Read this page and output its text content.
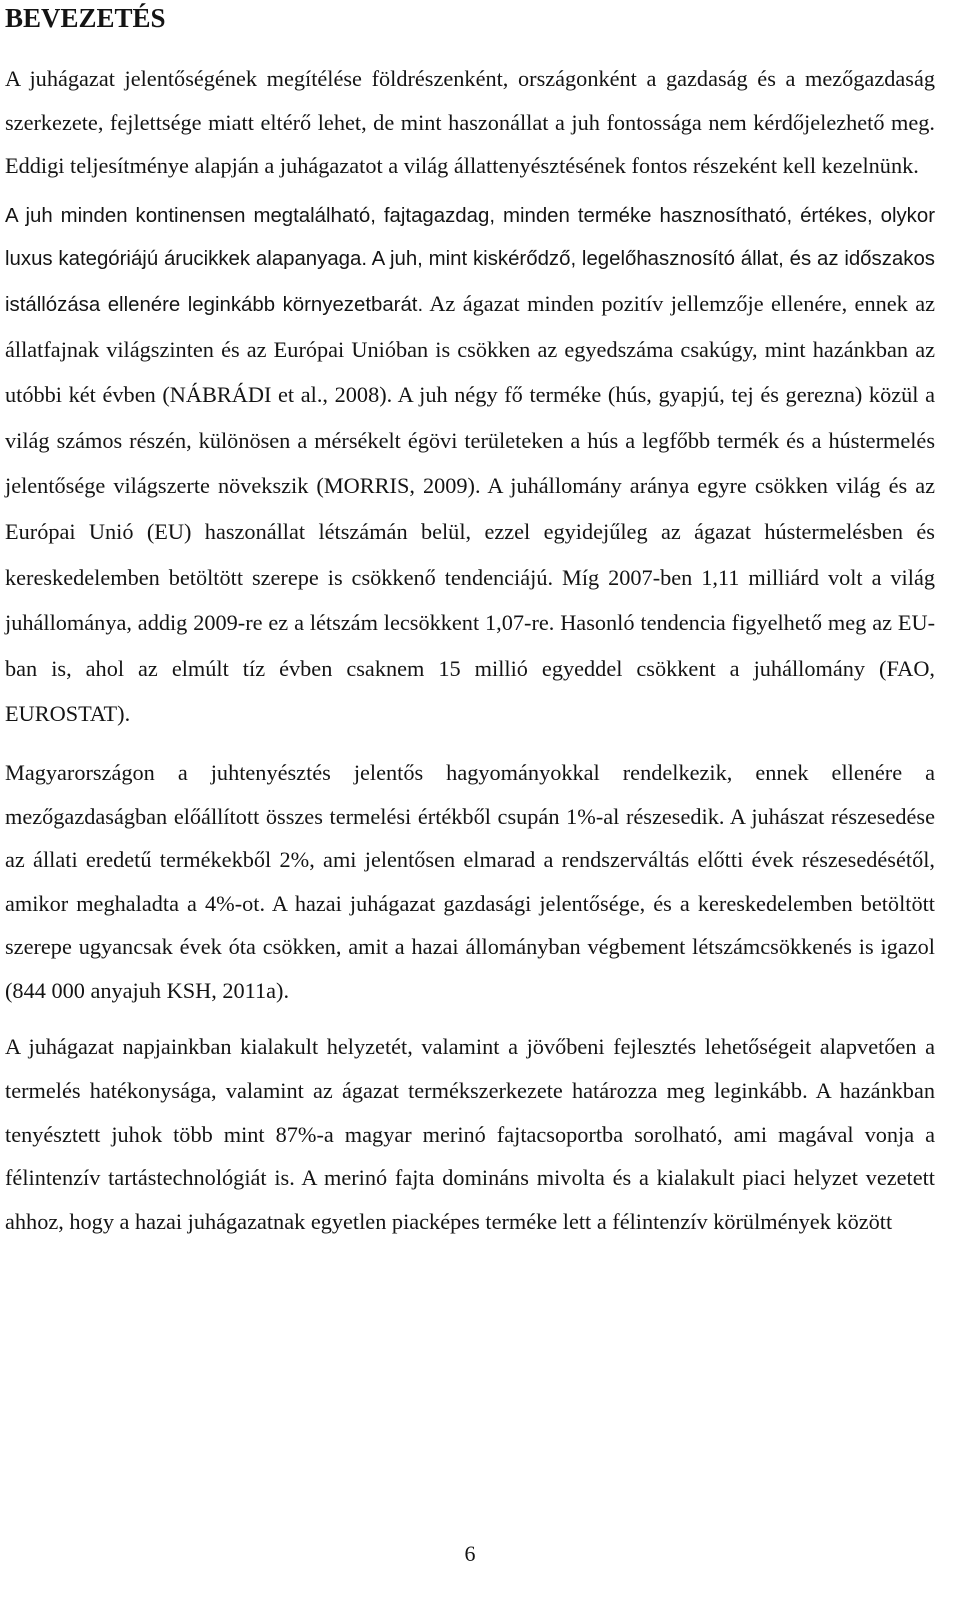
BEVEZETÉS

A juhágazat jelentőségének megítélése földrészenként, országonként a gazdaság és a mezőgazdaság szerkezete, fejlettsége miatt eltérő lehet, de mint haszonállat a juh fontossága nem kérdőjelezhető meg. Eddigi teljesítménye alapján a juhágazatot a világ állattenyésztésének fontos részeként kell kezelnünk.

A juh minden kontinensen megtalálható, fajtagazdag, minden terméke hasznosítható, értékes, olykor luxus kategóriájú árucikkek alapanyaga. A juh, mint kiskérődző, legelőhasznosító állat, és az időszakos istállózása ellenére leginkább környezetbarát. Az ágazat minden pozitív jellemzője ellenére, ennek az állatfajnak világszinten és az Európai Unióban is csökken az egyedszáma csakúgy, mint hazánkban az utóbbi két évben (NÁBRÁDI et al., 2008). A juh négy fő terméke (hús, gyapjú, tej és gerezna) közül a világ számos részén, különösen a mérsékelt égövi területeken a hús a legfőbb termék és a hústermelés jelentősége világszerte növekszik (MORRIS, 2009). A juhállomány aránya egyre csökken világ és az Európai Unió (EU) haszonállat létszámán belül, ezzel egyidejűleg az ágazat hústermelésben és kereskedelemben betöltött szerepe is csökkenő tendenciájú. Míg 2007-ben 1,11 milliárd volt a világ juhállománya, addig 2009-re ez a létszám lecsökkent 1,07-re. Hasonló tendencia figyelhető meg az EU-ban is, ahol az elmúlt tíz évben csaknem 15 millió egyeddel csökkent a juhállomány (FAO, EUROSTAT).

Magyarországon a juhtenyésztés jelentős hagyományokkal rendelkezik, ennek ellenére a mezőgazdaságban előállított összes termelési értékből csupán 1%-al részesedik. A juhászat részesedése az állati eredetű termékekből 2%, ami jelentősen elmarad a rendszerváltás előtti évek részesedésétől, amikor meghaladta a 4%-ot. A hazai juhágazat gazdasági jelentősége, és a kereskedelemben betöltött szerepe ugyancsak évek óta csökken, amit a hazai állományban végbement létszámcsökkenés is igazol (844 000 anyajuh KSH, 2011a).

A juhágazat napjainkban kialakult helyzetét, valamint a jövőbeni fejlesztés lehetőségeit alapvetően a termelés hatékonysága, valamint az ágazat termékszerkezete határozza meg leginkább. A hazánkban tenyésztett juhok több mint 87%-a magyar merinó fajtacsoportba sorolható, ami magával vonja a félintenzív tartástechnológiát is. A merinó fajta domináns mivolta és a kialakult piaci helyzet vezetett ahhoz, hogy a hazai juhágazatnak egyetlen piacképes terméke lett a félintenzív körülmények között

6
